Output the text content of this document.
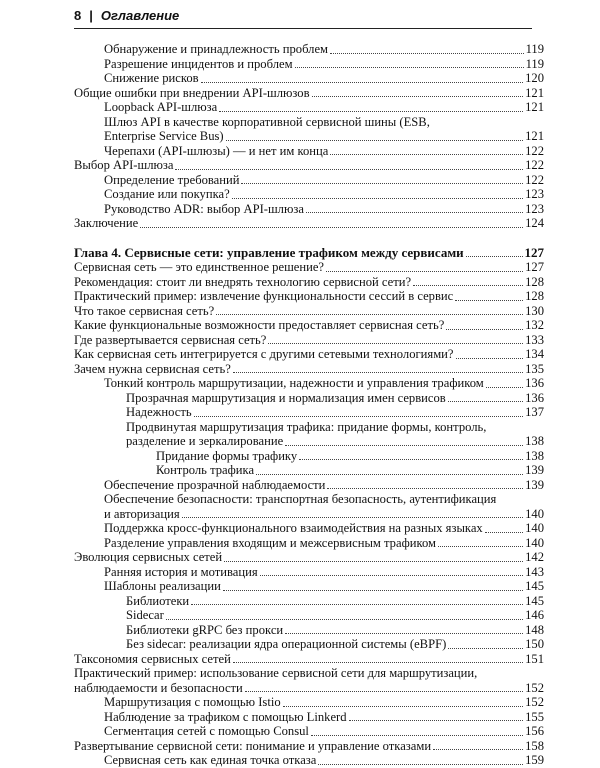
8 | Оглавление
Обнаружение и принадлежность проблем	119
Разрешение инцидентов и проблем	119
Снижение рисков	120
Общие ошибки при внедрении API-шлюзов	121
Loopback API-шлюза	121
Шлюз API в качестве корпоративной сервисной шины (ESB,
Enterprise Service Bus)	121
Черепахи (API-шлюзы) — и нет им конца	122
Выбор API-шлюза	122
Определение требований	122
Создание или покупка?	123
Руководство ADR: выбор API-шлюза	123
Заключение	124
Глава 4. Сервисные сети: управление трафиком между сервисами	127
Сервисная сеть — это единственное решение?	127
Рекомендация: стоит ли внедрять технологию сервисной сети?	128
Практический пример: извлечение функциональности сессий в сервис	128
Что такое сервисная сеть?	130
Какие функциональные возможности предоставляет сервисная сеть?	132
Где развертывается сервисная сеть?	133
Как сервисная сеть интегрируется с другими сетевыми технологиями?	134
Зачем нужна сервисная сеть?	135
Тонкий контроль маршрутизации, надежности и управления трафиком	136
Прозрачная маршрутизация и нормализация имен сервисов	136
Надежность	137
Продвинутая маршрутизация трафика: придание формы, контроль,
разделение и зеркалирование	138
Придание формы трафику	138
Контроль трафика	139
Обеспечение прозрачной наблюдаемости	139
Обеспечение безопасности: транспортная безопасность, аутентификация
и авторизация	140
Поддержка кросс-функционального взаимодействия на разных языках	140
Разделение управления входящим и межсервисным трафиком	140
Эволюция сервисных сетей	142
Ранняя история и мотивация	143
Шаблоны реализации	145
Библиотеки	145
Sidecar	146
Библиотеки gRPC без прокси	148
Без sidecar: реализации ядра операционной системы (eBPF)	150
Таксономия сервисных сетей	151
Практический пример: использование сервисной сети для маршрутизации,
наблюдаемости и безопасности	152
Маршрутизация с помощью Istio	152
Наблюдение за трафиком с помощью Linkerd	155
Сегментация сетей с помощью Consul	156
Развертывание сервисной сети: понимание и управление отказами	158
Сервисная сеть как единая точка отказа	159
